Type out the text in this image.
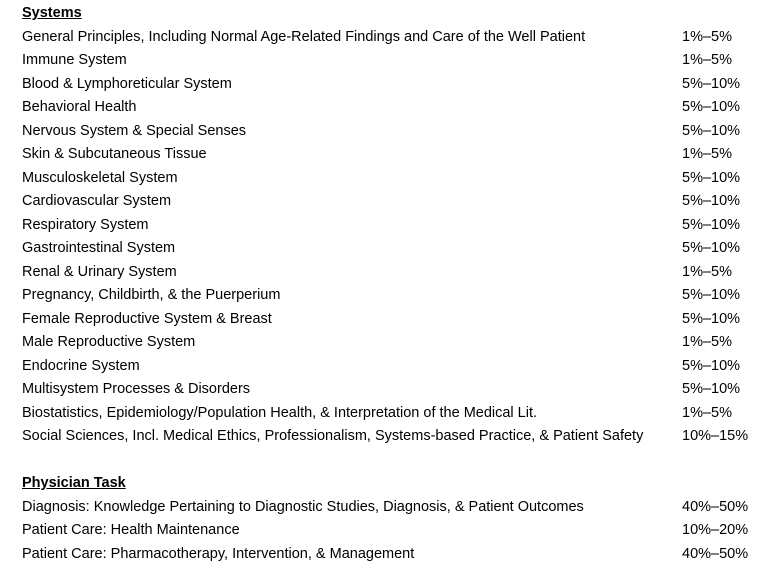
Systems
General Principles, Including Normal Age-Related Findings and Care of the Well Patient	1%–5%
Immune System	1%–5%
Blood & Lymphoreticular System	5%–10%
Behavioral Health	5%–10%
Nervous System & Special Senses	5%–10%
Skin & Subcutaneous Tissue	1%–5%
Musculoskeletal System	5%–10%
Cardiovascular System	5%–10%
Respiratory System	5%–10%
Gastrointestinal System	5%–10%
Renal & Urinary System	1%–5%
Pregnancy, Childbirth, & the Puerperium	5%–10%
Female Reproductive System & Breast	5%–10%
Male Reproductive System	1%–5%
Endocrine System	5%–10%
Multisystem Processes & Disorders	5%–10%
Biostatistics, Epidemiology/Population Health, & Interpretation of the Medical Lit.	1%–5%
Social Sciences, Incl. Medical Ethics, Professionalism, Systems-based Practice, & Patient Safety	10%–15%
Physician Task
Diagnosis: Knowledge Pertaining to Diagnostic Studies, Diagnosis, & Patient Outcomes	40%–50%
Patient Care: Health Maintenance	10%–20%
Patient Care: Pharmacotherapy, Intervention, & Management	40%–50%
